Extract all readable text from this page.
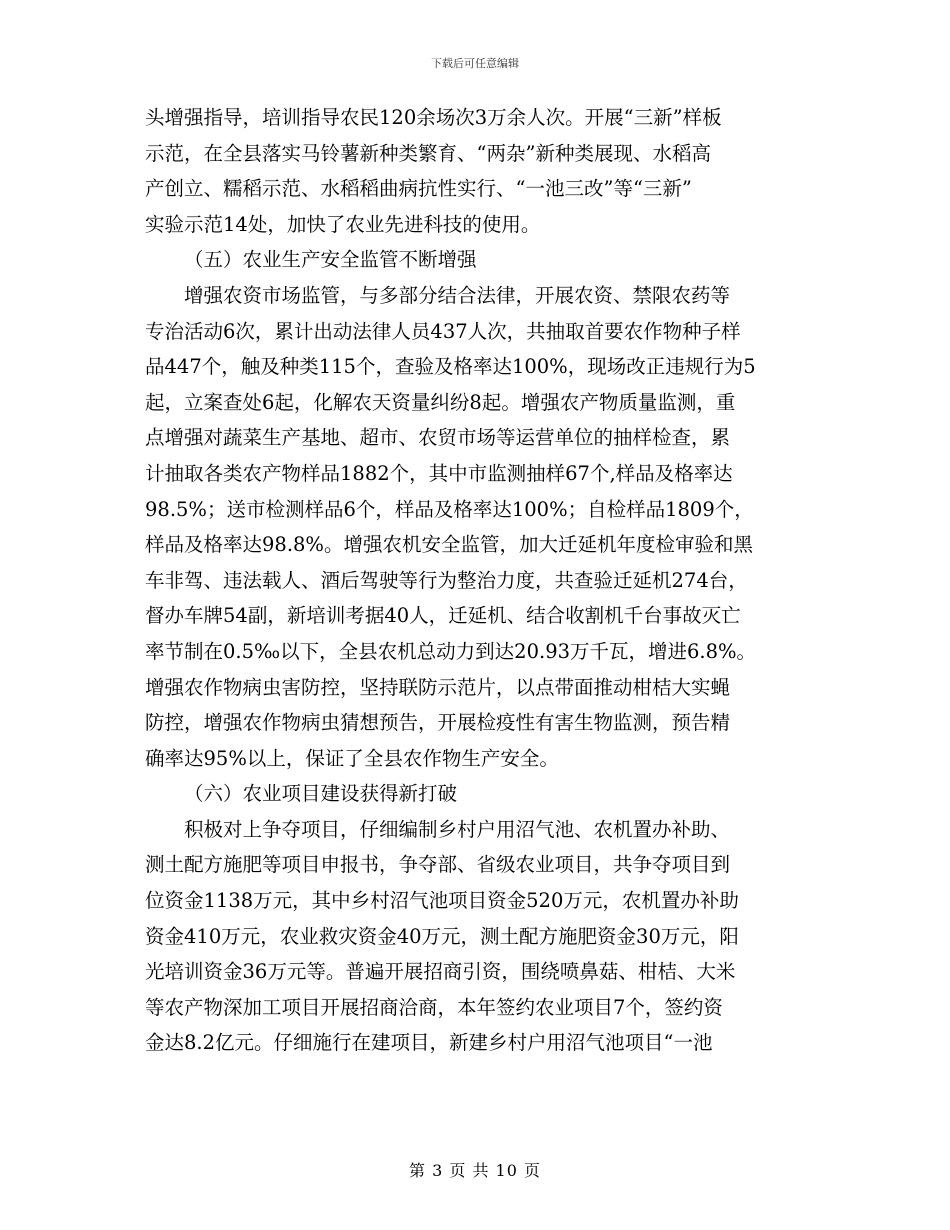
下载后可任意编辑
头增强指导，培训指导农民120余场次3万余人次。开展“三新”样板
示范，在全县落实马铃薯新种类繁育、“两杂”新种类展现、水稻高
产创立、糯稻示范、水稻稻曲病抗性实行、“一池三改”等“三新”
实验示范14处，加快了农业先进科技的使用。
（五）农业生产安全监管不断增强
增强农资市场监管，与多部分结合法律，开展农资、禁限农药等
专治活动6次，累计出动法律人员437人次，共抽取首要农作物种子样
品447个，触及种类115个，查验及格率达100%，现场改正违规行为5
起，立案查处6起，化解农天资量纠纷8起。增强农产物质量监测，重
点增强对蔬菜生产基地、超市、农贸市场等运营单位的抽样检查，累
计抽取各类农产物样品1882个，其中市监测抽样67个,样品及格率达
98.5%；送市检测样品6个，样品及格率达100%；自检样品1809个，
样品及格率达98.8%。增强农机安全监管，加大迁延机年度检审验和黑
车非驾、违法载人、酒后驾驶等行为整治力度，共查验迁延机274台，
督办车牌54副，新培训考据40人，迁延机、结合收割机千台事故灭亡
率节制在0.5‰以下，全县农机总动力到达20.93万千瓦，增进6.8%。
增强农作物病虫害防控，坚持联防示范片，以点带面推动柑桔大实蝇
防控，增强农作物病虫猜想预告，开展检疫性有害生物监测，预告精
确率达95%以上，保证了全县农作物生产安全。
（六）农业项目建设获得新打破
积极对上争夺项目，仔细编制乡村户用沼气池、农机置办补助、
测土配方施肥等项目申报书，争夺部、省级农业项目，共争夺项目到
位资金1138万元，其中乡村沼气池项目资金520万元，农机置办补助
资金410万元，农业救灾资金40万元，测土配方施肥资金30万元，阳
光培训资金36万元等。普遍开展招商引资，围绕喷鼻菇、柑桔、大米
等农产物深加工项目开展招商洽商，本年签约农业项目7个，签约资
金达8.2亿元。仔细施行在建项目，新建乡村户用沼气池项目“一池
第 3 页 共 10 页
